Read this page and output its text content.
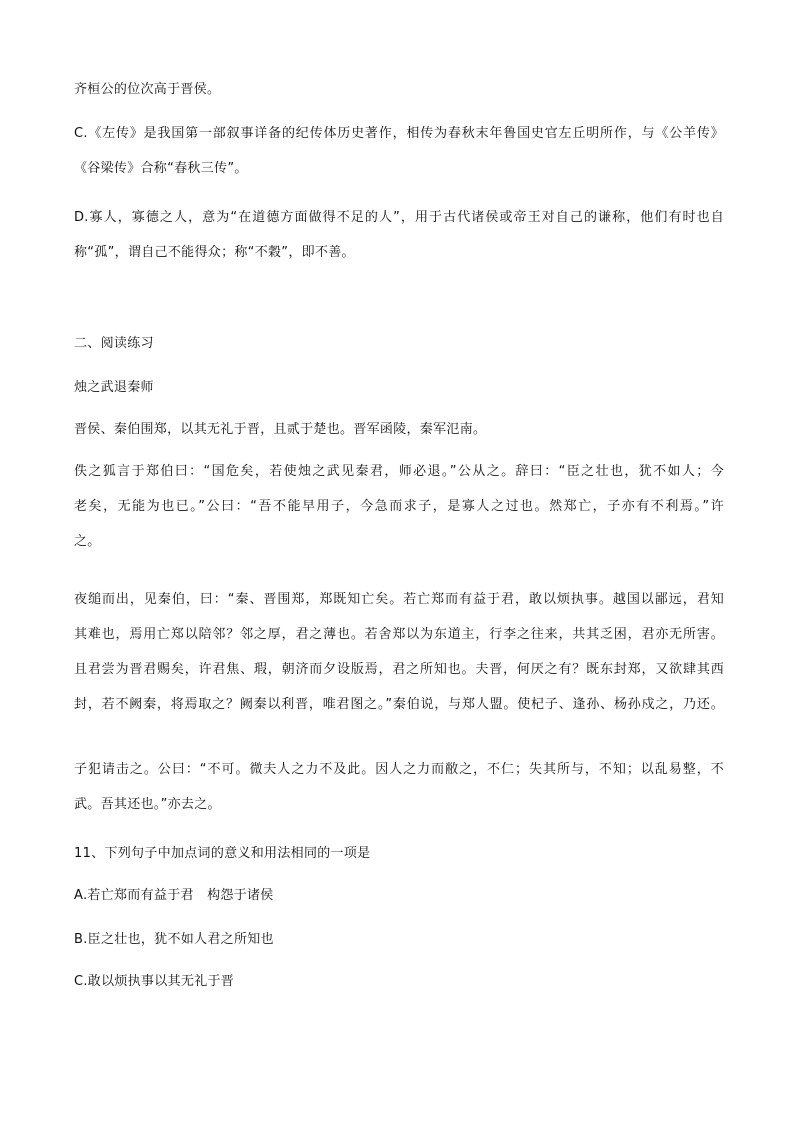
齐桓公的位次高于晋侯。
C.《左传》是我国第一部叙事详备的纪传体历史著作，相传为春秋末年鲁国史官左丘明所作，与《公羊传》
《谷梁传》合称“春秋三传”。
D.寡人，寡德之人，意为“在道德方面做得不足的人”，用于古代诸侯或帝王对自己的谦称，他们有时也自
称“孤”，谓自己不能得众；称“不穀”，即不善。
二、阅读练习
烛之武退秦师
晋侯、秦伯围郑，以其无礼于晋，且贰于楚也。晋军函陵，秦军氾南。
佚之狐言于郑伯曰：“国危矣，若使烛之武见秦君，师必退。”公从之。辞曰：“臣之壮也，犹不如人；今
老矣，无能为也已。”公曰：“吾不能早用子，今急而求子，是寡人之过也。然郑亡，子亦有不利焉。”许
之。
夜缒而出，见秦伯，曰：“秦、晋围郑，郑既知亡矣。若亡郑而有益于君，敢以烦执事。越国以鄙远，君知
其难也，焉用亡郑以陪邻？邻之厚，君之薄也。若舍郑以为东道主，行李之往来，共其乏困，君亦无所害。
且君尝为晋君赐矣，许君焦、瑕，朝济而夕设版焉，君之所知也。夫晋，何厌之有？既东封郑，又欲肆其西
封，若不阙秦，将焉取之？阙秦以利晋，唯君图之。”秦伯说，与郑人盟。使杞子、逢孙、杨孙戍之，乃还。
子犯请击之。公曰：“不可。微夫人之力不及此。因人之力而敝之，不仁；失其所与，不知；以乱易整，不
武。吾其还也。”亦去之。
11、下列句子中加点词的意义和用法相同的一项是
A.若亡郑而有益于君　构怨于诸侯
B.臣之壮也，犹不如人君之所知也
C.敢以烦执事以其无礼于晋
